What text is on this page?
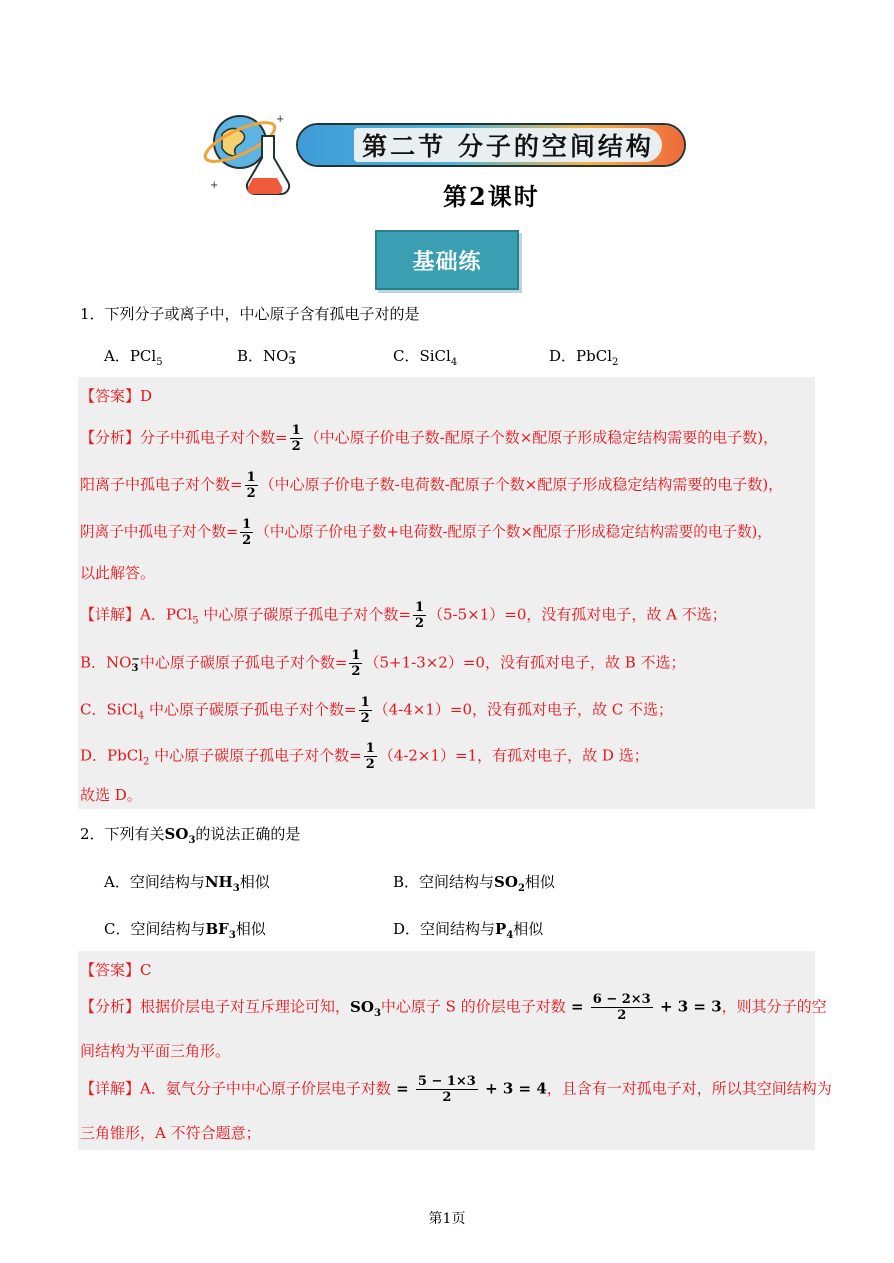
+
+
第二节 分子的空间结构
第2课时
基础练
1．下列分子或离子中，中心原子含有孤电子对的是
A．PCl$_5$	B．NO−
3	C．SiCl$_4$	D．PbCl$_2$
【答案】D
【分析】分子中孤电子对个数= $\frac{1}{2}$ （中心原子价电子数-配原子个数×配原子形成稳定结构需要的电子数)，
阳离子中孤电子对个数= $\frac{1}{2}$ （中心原子价电子数-电荷数-配原子个数×配原子形成稳定结构需要的电子数)，
阴离子中孤电子对个数= $\frac{1}{2}$ （中心原子价电子数+电荷数-配原子个数×配原子形成稳定结构需要的电子数)，
以此解答。
【详解】A．PCl$_5$ 中心原子碳原子孤电子对个数= $\frac{1}{2} (5-5\times 1)=0$，没有孤对电子，故 A 不选；
B．NO−
3中心原子碳原子孤电子对个数= $\frac{1}{2} (5+1-3\times 2)=0$，没有孤对电子，故 B 不选；
C．SiCl$_4$ 中心原子碳原子孤电子对个数= $\frac{1}{2} (4-4\times 1)=0$，没有孤对电子，故 C 不选；
D．PbCl$_2$ 中心原子碳原子孤电子对个数= $\frac{1}{2} (4-2\times 1)=1$，有孤对电子，故 D 选；
故选 D。
2．下列有关$SO_3$的说法正确的是
A．空间结构与$NH_3$相似	B．空间结构与$SO_2$相似
C．空间结构与$BF_3$相似	D．空间结构与$P_4$相似
【答案】C
【分析】根据价层电子对互斥理论可知，$SO_3$中心原子 S 的价层电子对数 = $\frac{6 - 2\times 3}{2} + 3 = 3$，则其分子的空
间结构为平面三角形。
【详解】A．氨气分子中中心原子价层电子对数 = $\frac{5 - 1\times 3}{2} + 3 = 4$，且含有一对孤电子对，所以其空间结构为
三角锥形，A 不符合题意；
第1页
